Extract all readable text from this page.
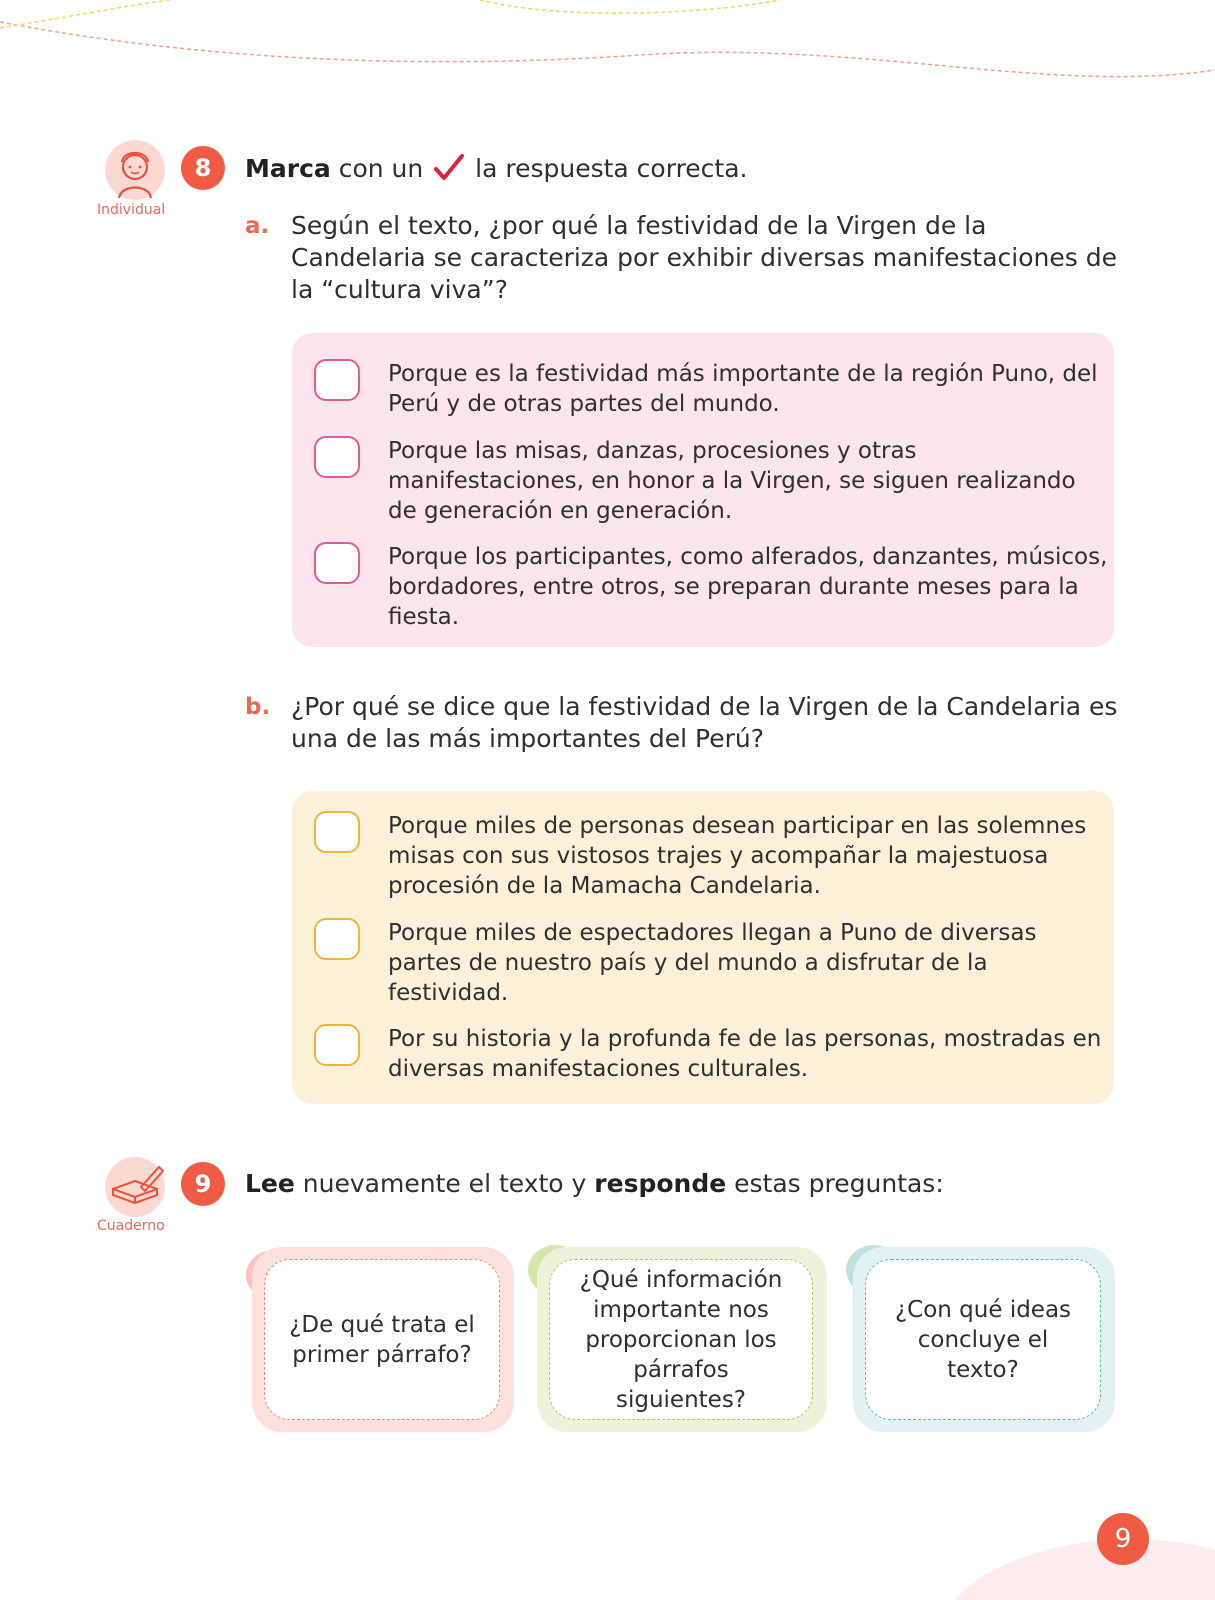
Individual
8	Marca con un  la respuesta correcta.
a. Según el texto, ¿por qué la festividad de la Virgen de la Candelaria se caracteriza por exhibir diversas manifestaciones de la “cultura viva”?
Porque es la festividad más importante de la región Puno, del Perú y de otras partes del mundo.
Porque las misas, danzas, procesiones y otras manifestaciones, en honor a la Virgen, se siguen realizando de generación en generación.
Porque los participantes, como alferados, danzantes, músicos, bordadores, entre otros, se preparan durante meses para la fiesta.
b. ¿Por qué se dice que la festividad de la Virgen de la Candelaria es una de las más importantes del Perú?
Porque miles de personas desean participar en las solemnes misas con sus vistosos trajes y acompañar la majestuosa procesión de la Mamacha Candelaria.
Porque miles de espectadores llegan a Puno de diversas partes de nuestro país y del mundo a disfrutar de la festividad.
Por su historia y la profunda fe de las personas, mostradas en diversas manifestaciones culturales.
Cuaderno
9	Lee nuevamente el texto y responde estas preguntas:
¿De qué trata el primer párrafo?
¿Qué información importante nos proporcionan los párrafos siguientes?
¿Con qué ideas concluye el texto?
9
